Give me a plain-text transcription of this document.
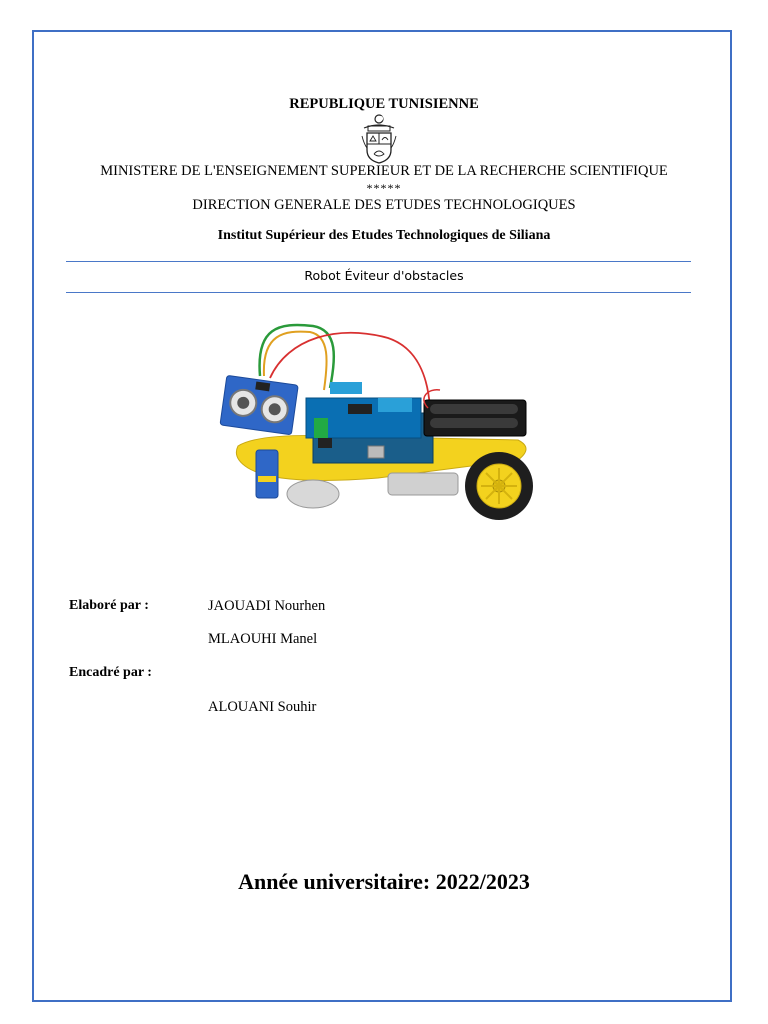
REPUBLIQUE TUNISIENNE
MINISTERE DE L'ENSEIGNEMENT SUPERIEUR ET DE LA RECHERCHE SCIENTIFIQUE
*****
DIRECTION GENERALE DES ETUDES TECHNOLOGIQUES
Institut Supérieur des Etudes Technologiques de Siliana
Robot Éviteur d'obstacles
Elaboré par :	JAOUADI Nourhen
MLAOUHI Manel
Encadré par :
ALOUANI Souhir
Année universitaire: 2022/2023
